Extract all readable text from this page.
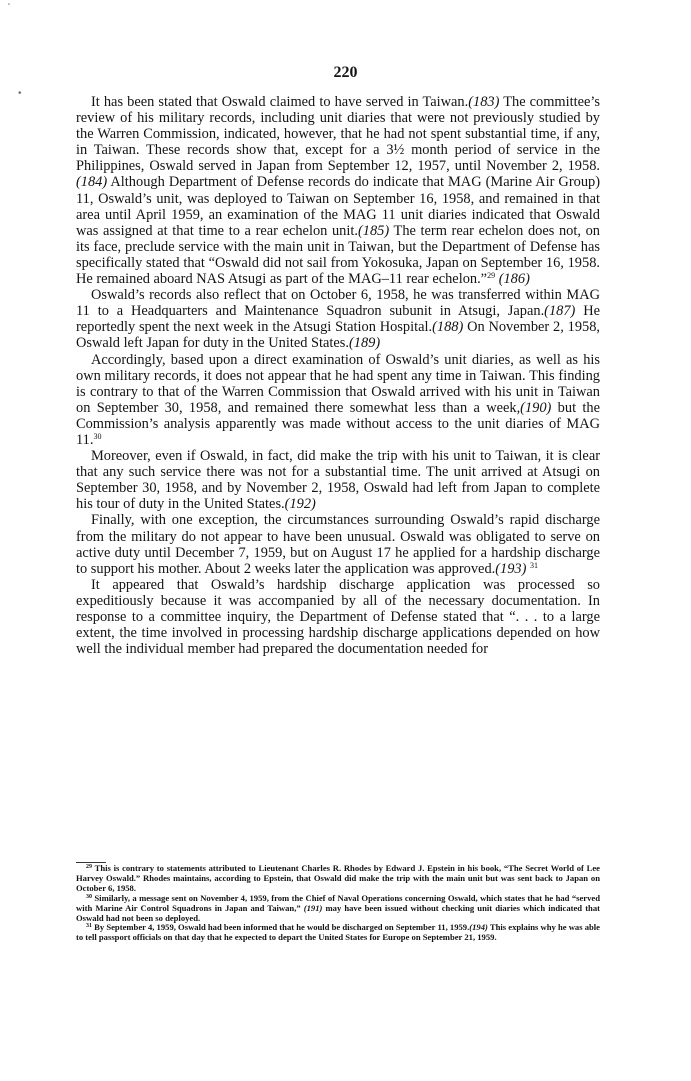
'
•
220

It has been stated that Oswald claimed to have served in Taiwan.(183) The committee’s review of his military records, including unit diaries that were not previously studied by the Warren Commission, indicated, however, that he had not spent substantial time, if any, in Taiwan. These records show that, except for a 3½ month period of service in the Philippines, Oswald served in Japan from September 12, 1957, until November 2, 1958.(184) Although Department of Defense records do indicate that MAG (Marine Air Group) 11, Oswald’s unit, was deployed to Taiwan on September 16, 1958, and remained in that area until April 1959, an examination of the MAG 11 unit diaries indicated that Oswald was assigned at that time to a rear echelon unit.(185) The term rear echelon does not, on its face, preclude service with the main unit in Taiwan, but the Department of Defense has specifically stated that “Oswald did not sail from Yokosuka, Japan on September 16, 1958. He remained aboard NAS Atsugi as part of the MAG–11 rear echelon.”$^{29}$ (186)

Oswald’s records also reflect that on October 6, 1958, he was transferred within MAG 11 to a Headquarters and Maintenance Squadron subunit in Atsugi, Japan.(187) He reportedly spent the next week in the Atsugi Station Hospital.(188) On November 2, 1958, Oswald left Japan for duty in the United States.(189)

Accordingly, based upon a direct examination of Oswald’s unit diaries, as well as his own military records, it does not appear that he had spent any time in Taiwan. This finding is contrary to that of the Warren Commission that Oswald arrived with his unit in Taiwan on September 30, 1958, and remained there somewhat less than a week,(190) but the Commission’s analysis apparently was made without access to the unit diaries of MAG 11.30

Moreover, even if Oswald, in fact, did make the trip with his unit to Taiwan, it is clear that any such service there was not for a substantial time. The unit arrived at Atsugi on September 30, 1958, and by November 2, 1958, Oswald had left from Japan to complete his tour of duty in the United States.(192)

Finally, with one exception, the circumstances surrounding Oswald’s rapid discharge from the military do not appear to have been unusual. Oswald was obligated to serve on active duty until December 7, 1959, but on August 17 he applied for a hardship discharge to support his mother. About 2 weeks later the application was approved.(193) $^{31}$

It appeared that Oswald’s hardship discharge application was processed so expeditiously because it was accompanied by all of the necessary documentation. In response to a committee inquiry, the Department of Defense stated that “. . . to a large extent, the time involved in processing hardship discharge applications depended on how well the individual member had prepared the documentation needed for

$^{29}$ This is contrary to statements attributed to Lieutenant Charles R. Rhodes by Edward J. Epstein in his book, “The Secret World of Lee Harvey Oswald.” Rhodes maintains, according to Epstein, that Oswald did make the trip with the main unit but was sent back to Japan on October 6, 1958.

$^{30}$ Similarly, a message sent on November 4, 1959, from the Chief of Naval Operations concerning Oswald, which states that he had “served with Marine Air Control Squadrons in Japan and Taiwan,” (191) may have been issued without checking unit diaries which indicated that Oswald had not been so deployed.

$^{31}$ By September 4, 1959, Oswald had been informed that he would be discharged on September 11, 1959.(194) This explains why he was able to tell passport officials on that day that he expected to depart the United States for Europe on September 21, 1959.
